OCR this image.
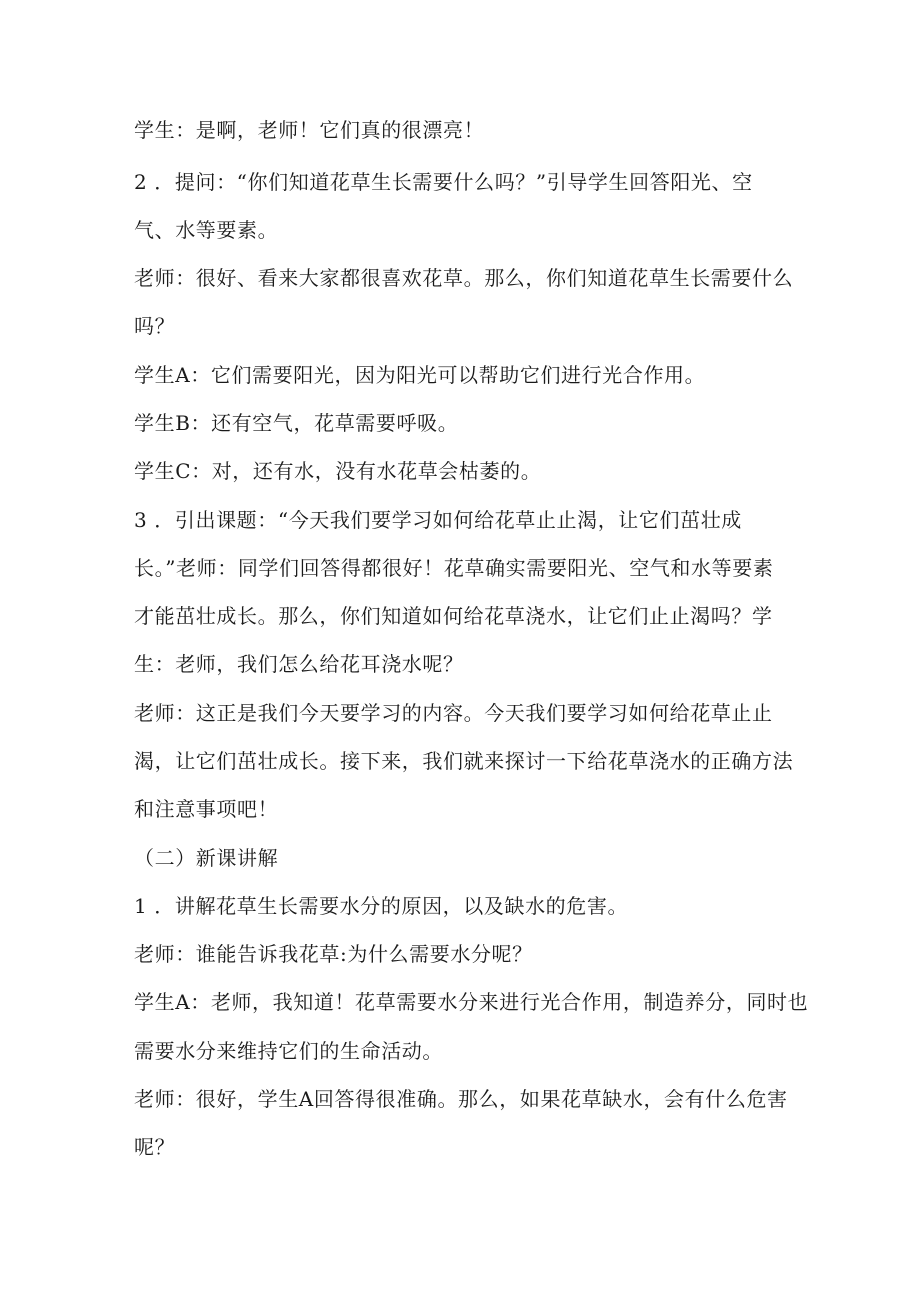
学生：是啊，老师！它们真的很漂亮！
2 ．提问：“你们知道花草生长需要什么吗？”引导学生回答阳光、空
气、水等要素。
老师：很好、看来大家都很喜欢花草。那么，你们知道花草生长需要什么
吗？
学生A：它们需要阳光，因为阳光可以帮助它们进行光合作用。
学生B：还有空气，花草需要呼吸。
学生C：对，还有水，没有水花草会枯萎的。
3 ．引出课题：“今天我们要学习如何给花草止止渴，让它们茁壮成
长。”老师：同学们回答得都很好！花草确实需要阳光、空气和水等要素
才能茁壮成长。那么，你们知道如何给花草浇水，让它们止止渴吗？学
生：老师，我们怎么给花耳浇水呢？
老师：这正是我们今天要学习的内容。今天我们要学习如何给花草止止
渴，让它们茁壮成长。接下来，我们就来探讨一下给花草浇水的正确方法
和注意事项吧！
（二）新课讲解
1 ．讲解花草生长需要水分的原因，以及缺水的危害。
老师：谁能告诉我花草:为什么需要水分呢？
学生A：老师，我知道！花草需要水分来进行光合作用，制造养分，同时也
需要水分来维持它们的生命活动。
老师：很好，学生A回答得很准确。那么，如果花草缺水，会有什么危害
呢？
